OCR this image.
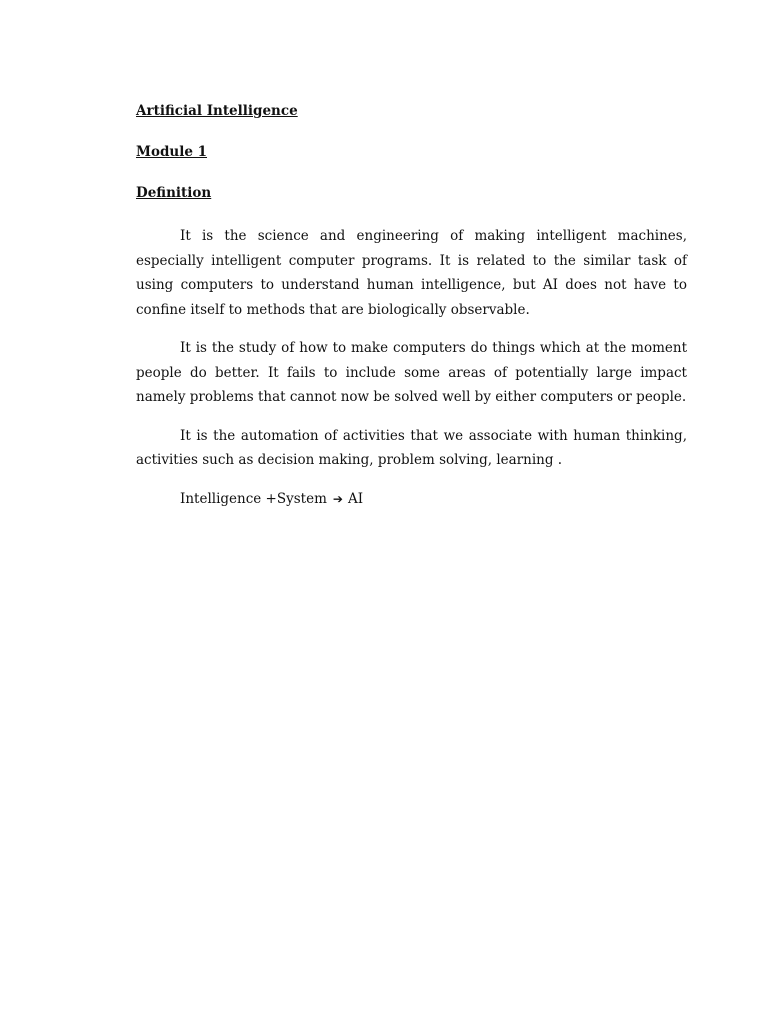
Artificial Intelligence

Module 1

Definition

It is the science and engineering of making intelligent machines, especially intelligent computer programs. It is related to the similar task of using computers to understand human intelligence, but AI does not have to confine itself to methods that are biologically observable.

It is the study of how to make computers do things which at the moment people do better. It fails to include some areas of potentially large impact namely problems that cannot now be solved well by either computers or people.

It is the automation of activities that we associate with human thinking, activities such as decision making, problem solving, learning .

Intelligence +System ➔ AI
